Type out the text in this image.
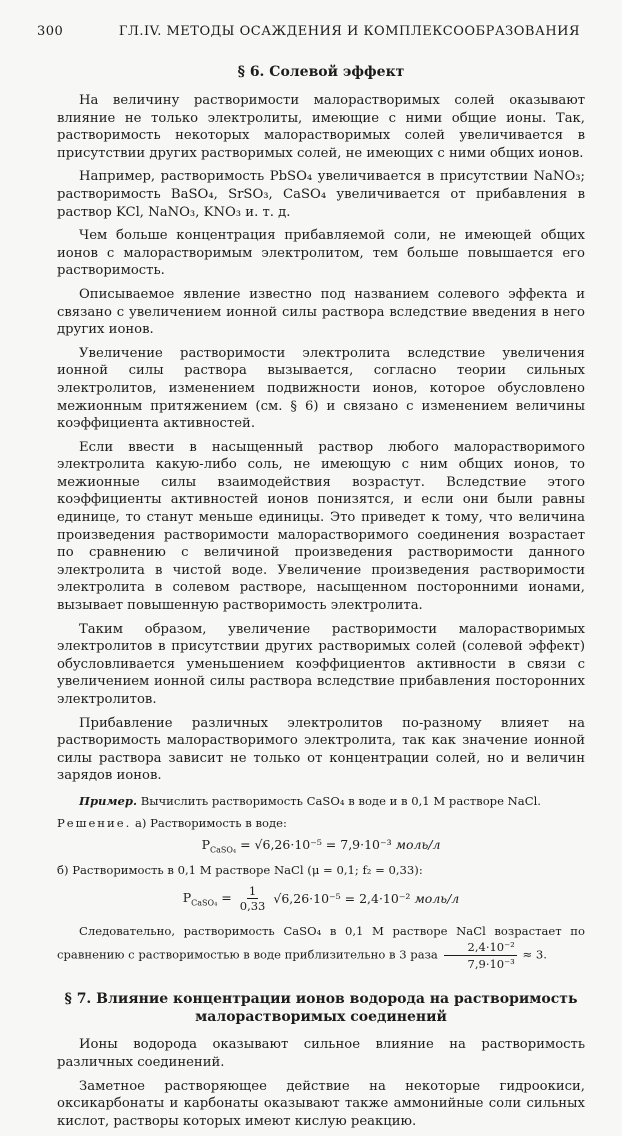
300	ГЛ.IV. МЕТОДЫ ОСАЖДЕНИЯ И КОМПЛЕКСООБРАЗОВАНИЯ
§ 6. Солевой эффект

На величину растворимости малорастворимых солей оказывают влияние не только электролиты, имеющие с ними общие ионы. Так, растворимость некоторых малорастворимых солей увеличивается в присутствии других растворимых солей, не имеющих с ними общих ионов.

Например, растворимость PbSO₄ увеличивается в присутствии NaNO₃; растворимость BaSO₄, SrSO₃, CaSO₄ увеличивается от прибавления в раствор KCl, NaNO₃, KNO₃ и. т. д.

Чем больше концентрация прибавляемой соли, не имеющей общих ионов с малорастворимым электролитом, тем больше повышается его растворимость.

Описываемое явление известно под названием солевого эффекта и связано с увеличением ионной силы раствора вследствие введения в него других ионов.

Увеличение растворимости электролита вследствие увеличения ионной силы раствора вызывается, согласно теории сильных электролитов, изменением подвижности ионов, которое обусловлено межионным притяжением (см. § 6) и связано с изменением величины коэффициента активностей.

Если ввести в насыщенный раствор любого малорастворимого электролита какую-либо соль, не имеющую с ним общих ионов, то межионные силы взаимодействия возрастут. Вследствие этого коэффициенты активностей ионов понизятся, и если они были равны единице, то станут меньше единицы. Это приведет к тому, что величина произведения растворимости малорастворимого соединения возрастает по сравнению с величиной произведения растворимости данного электролита в чистой воде. Увеличение произведения растворимости электролита в солевом растворе, насыщенном посторонними ионами, вызывает повышенную растворимость электролита.

Таким образом, увеличение растворимости малорастворимых электролитов в присутствии других растворимых солей (солевой эффект) обусловливается уменьшением коэффициентов активности в связи с увеличением ионной силы раствора вследствие прибавления посторонних электролитов.

Прибавление различных электролитов по-разному влияет на растворимость малорастворимого электролита, так как значение ионной силы раствора зависит не только от концентрации солей, но и величин зарядов ионов.

Пример. Вычислить растворимость CaSO₄ в воде и в 0,1 M растворе NaCl.

Решение. а) Растворимость в воде:

$P_{CaSO_4} = √6,26\cdot 10^{-5} = 7,9\cdot 10^{-3}$ моль/л

б) Растворимость в 0,1 M растворе NaCl (μ = 0,1; f₂ = 0,33):

$P_{CaSO_4} = \frac{1}{0,33} √6,26\cdot 10^{-5} = 2,4\cdot 10^{-2}$ моль/л

Следовательно, растворимость CaSO₄ в 0,1 M растворе NaCl возрастает по сравнению с растворимостью в воде приблизительно в 3 раза $\frac{\text{2,4·10⁻²}}{\text{7,9·10⁻³}} \approx 3$.

§ 7. Влияние концентрации ионов водорода на растворимость
малорастворимых соединений

Ионы водорода оказывают сильное влияние на растворимость различных соединений.

Заметное растворяющее действие на некоторые гидроокиси, оксикарбонаты и карбонаты оказывают также аммонийные соли сильных кислот, растворы которых имеют кислую реакцию.
